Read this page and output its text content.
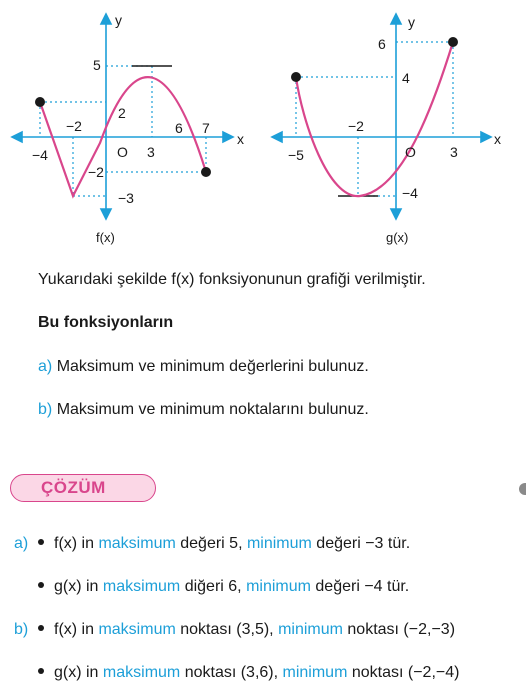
y
x
5
2
−2
−3
−4
−2
3
6 7
O
f(x)
y
x
6
4
−4
−5
−2
3
O
g(x)
Yukarıdaki şekilde f(x) fonksiyonunun grafiği verilmiştir.
Bu fonksiyonların
a) Maksimum ve minimum değerlerini bulunuz.
b) Maksimum ve minimum noktalarını bulunuz.
ÇÖZÜM
a) f(x) in maksimum değeri 5, minimum değeri −3 tür.
g(x) in maksimum diğeri 6, minimum değeri −4 tür.
b) f(x) in maksimum noktası (3,5), minimum noktası (−2,−3)
g(x) in maksimum noktası (3,6), minimum noktası (−2,−4)
